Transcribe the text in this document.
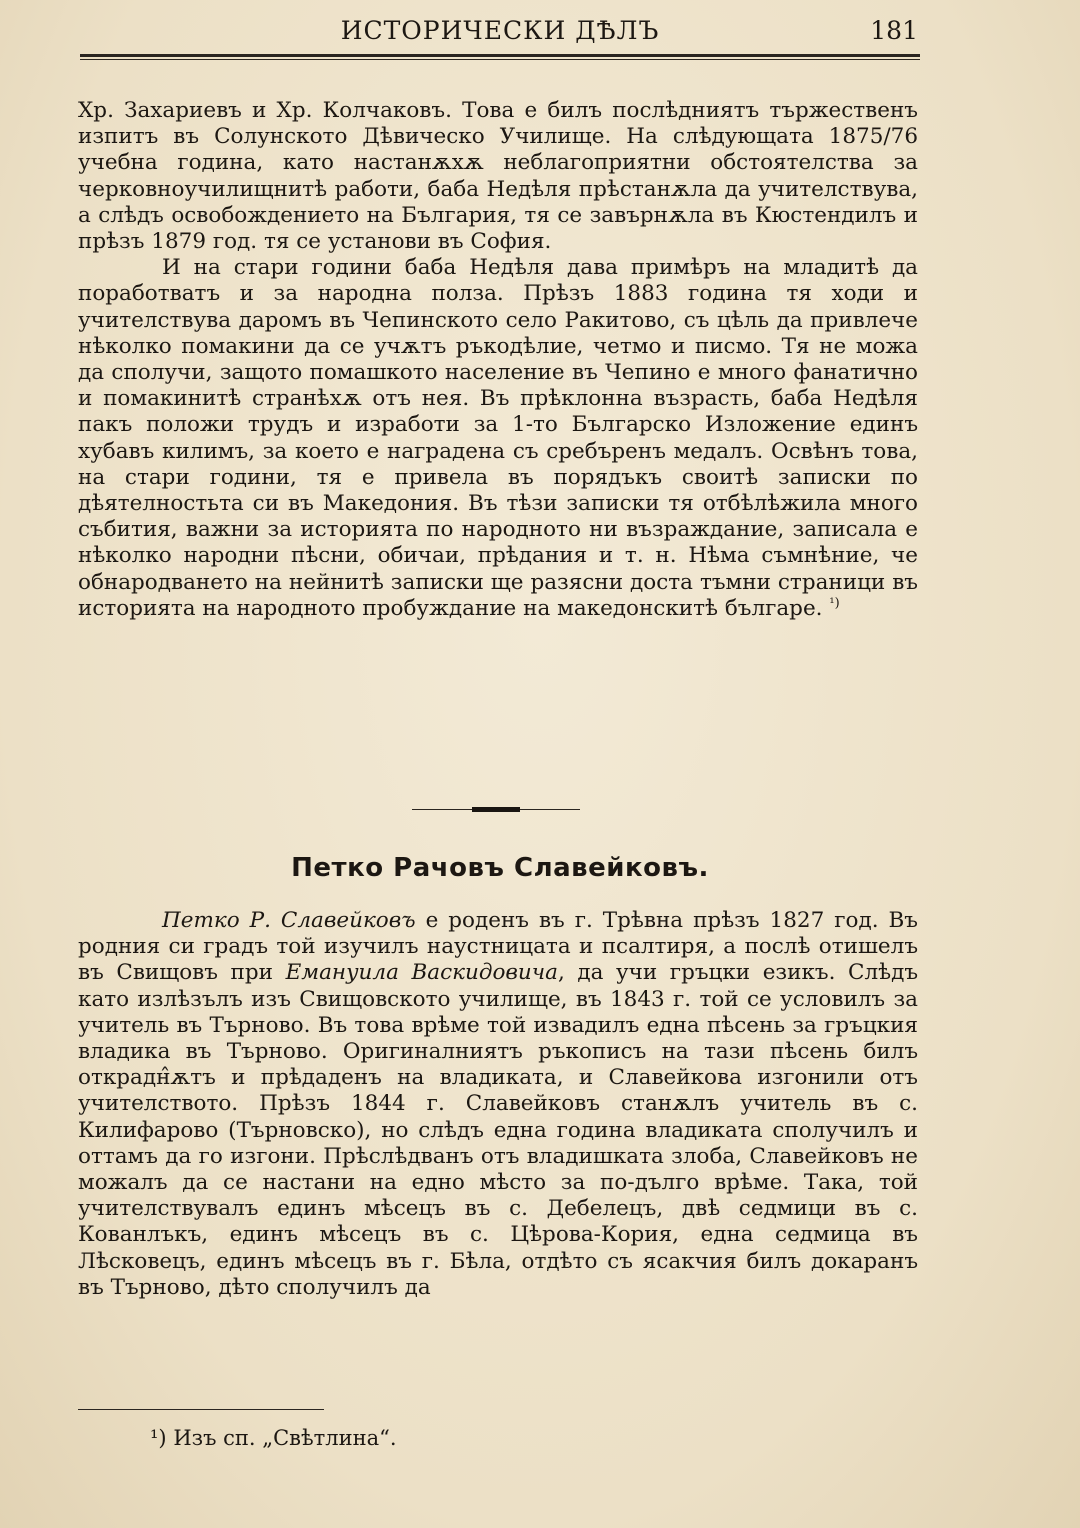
ИСТОРИЧЕСКИ ДѢЛЪ	181

Хр. Захариевъ и Хр. Колчаковъ. Това е билъ послѣдниятъ тържественъ изпитъ въ Солунското Дѣвическо Училище. На слѣдующата 1875/76 учебна година, като настанѫхѫ неблагоприятни обстоятелства за черковноучилищнитѣ работи, баба Недѣля прѣстанѫла да учителствува, а слѣдъ освобождението на България, тя се завърнѫла въ Кюстендилъ и прѣзъ 1879 год. тя се установи въ София.

И на стари години баба Недѣля дава примѣръ на младитѣ да поработватъ и за народна полза. Прѣзъ 1883 година тя ходи и учителствува даромъ въ Чепинското село Ракитово, съ цѣль да привлече нѣколко помакини да се учѫтъ ръкодѣлие, четмо и писмо. Тя не можа да сполучи, защото помашкото население въ Чепино е много фанатично и помакинитѣ странѣхѫ отъ нея. Въ прѣклонна възрасть, баба Недѣля пакъ положи трудъ и изработи за 1-то Българско Изложение единъ хубавъ килимъ, за което е наградена съ сребъренъ медалъ. Освѣнъ това, на стари години, тя е привела въ порядъкъ своитѣ записки по дѣятелностьта си въ Македония. Въ тѣзи записки тя отбѣлѣжила много събития, важни за историята по народното ни възраждание, записала е нѣколко народни пѣсни, обичаи, прѣдания и т. н. Нѣма съмнѣние, че обнародването на нейнитѣ записки ще разясни доста тъмни страници въ историята на народното пробуждание на македонскитѣ българе. $^{^1)}$

Петко Рачовъ Славейковъ.

Петко Р. Славейковъ е роденъ въ г. Трѣвна прѣзъ 1827 год. Въ родния си градъ той изучилъ наустницата и псалтиря, а послѣ отишелъ въ Свищовъ при Емануила Васкидовича, да учи гръцки езикъ. Слѣдъ като излѣзълъ изъ Свищовското училище, въ 1843 г. той се условилъ за учитель въ Търново. Въ това врѣме той извадилъ една пѣсень за гръцкия владика въ Търново. Оригиналниятъ ръкописъ на тази пѣсень билъ открадн̂ѫтъ и прѣдаденъ на владиката, и Славейкова изгонили отъ учителството. Прѣзъ 1844 г. Славейковъ станѫлъ учитель въ с. Килифарово (Търновско), но слѣдъ една година владиката сполучилъ и оттамъ да го изгони. Прѣслѣдванъ отъ владишката злоба, Славейковъ не можалъ да се настани на едно мѣсто за по-дълго врѣме. Така, той учителствувалъ единъ мѣсецъ въ с. Дебелецъ, двѣ седмици въ с. Кованлъкъ, единъ мѣсецъ въ с. Цѣрова-Кория, една седмица въ Лѣсковецъ, единъ мѣсецъ въ г. Бѣла, отдѣто съ ясакчия билъ докаранъ въ Търново, дѣто сполучилъ да

¹) Изъ сп. „Свѣтлина“.
